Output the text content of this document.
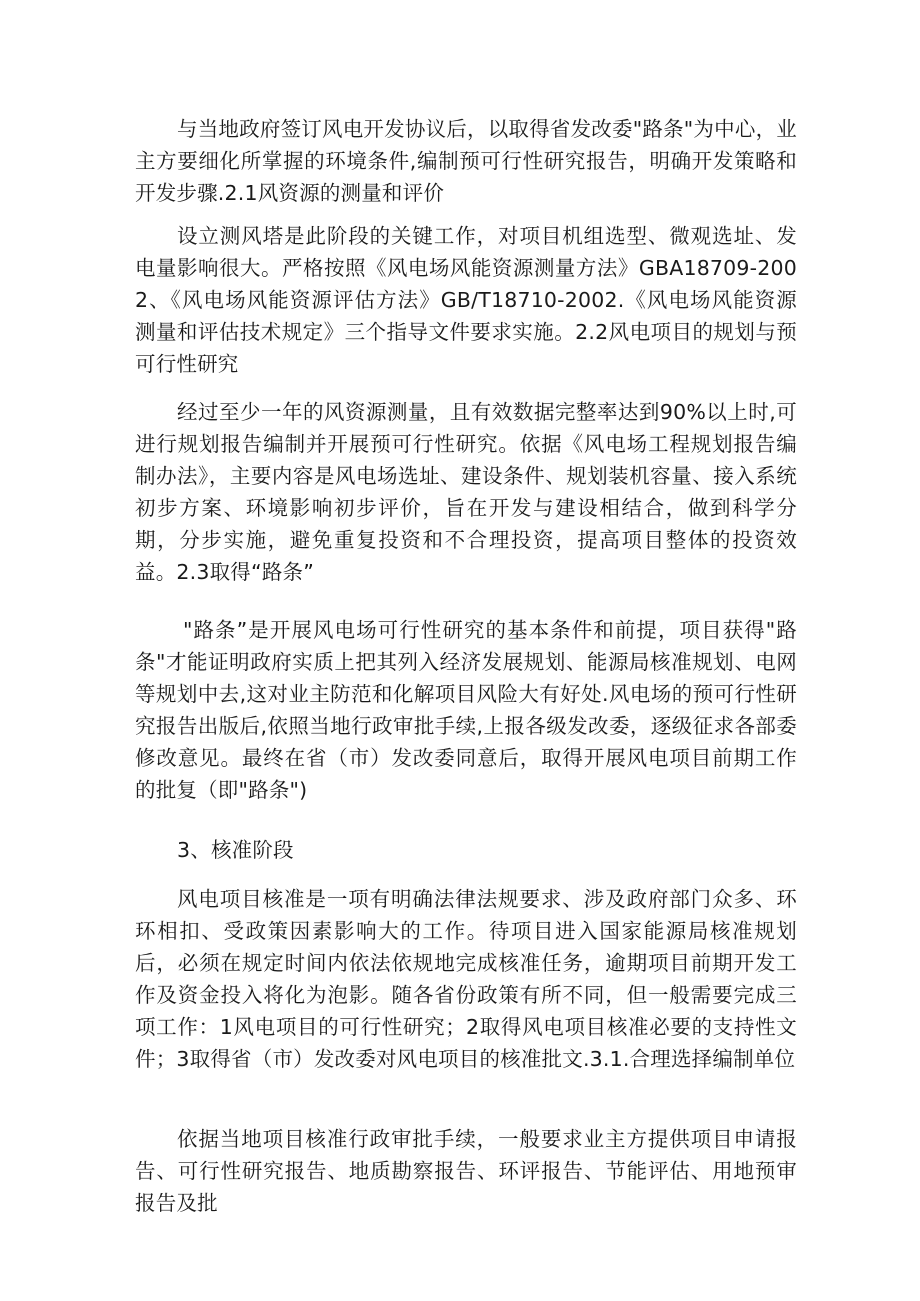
与当地政府签订风电开发协议后，以取得省发改委"路条"为中心，业主方要细化所掌握的环境条件,编制预可行性研究报告，明确开发策略和开发步骤.2.1风资源的测量和评价

设立测风塔是此阶段的关键工作，对项目机组选型、微观选址、发电量影响很大。严格按照《风电场风能资源测量方法》GBA18709-2002、《风电场风能资源评估方法》GB/T18710-2002.《风电场风能资源测量和评估技术规定》三个指导文件要求实施。2.2风电项目的规划与预可行性研究

经过至少一年的风资源测量，且有效数据完整率达到90%以上时,可进行规划报告编制并开展预可行性研究。依据《风电场工程规划报告编制办法》，主要内容是风电场选址、建设条件、规划装机容量、接入系统初步方案、环境影响初步评价，旨在开发与建设相结合，做到科学分期，分步实施，避免重复投资和不合理投资，提高项目整体的投资效益。2.3取得“路条”

"路条”是开展风电场可行性研究的基本条件和前提，项目获得"路条"才能证明政府实质上把其列入经济发展规划、能源局核准规划、电网等规划中去,这对业主防范和化解项目风险大有好处.风电场的预可行性研究报告出版后,依照当地行政审批手续,上报各级发改委，逐级征求各部委修改意见。最终在省（市）发改委同意后，取得开展风电项目前期工作的批复（即"路条")

3、核准阶段

风电项目核准是一项有明确法律法规要求、涉及政府部门众多、环环相扣、受政策因素影响大的工作。待项目进入国家能源局核准规划后，必须在规定时间内依法依规地完成核准任务，逾期项目前期开发工作及资金投入将化为泡影。随各省份政策有所不同，但一般需要完成三项工作：1风电项目的可行性研究；2取得风电项目核准必要的支持性文件；3取得省（市）发改委对风电项目的核准批文.3.1.合理选择编制单位

依据当地项目核准行政审批手续，一般要求业主方提供项目申请报告、可行性研究报告、地质勘察报告、环评报告、节能评估、用地预审报告及批
